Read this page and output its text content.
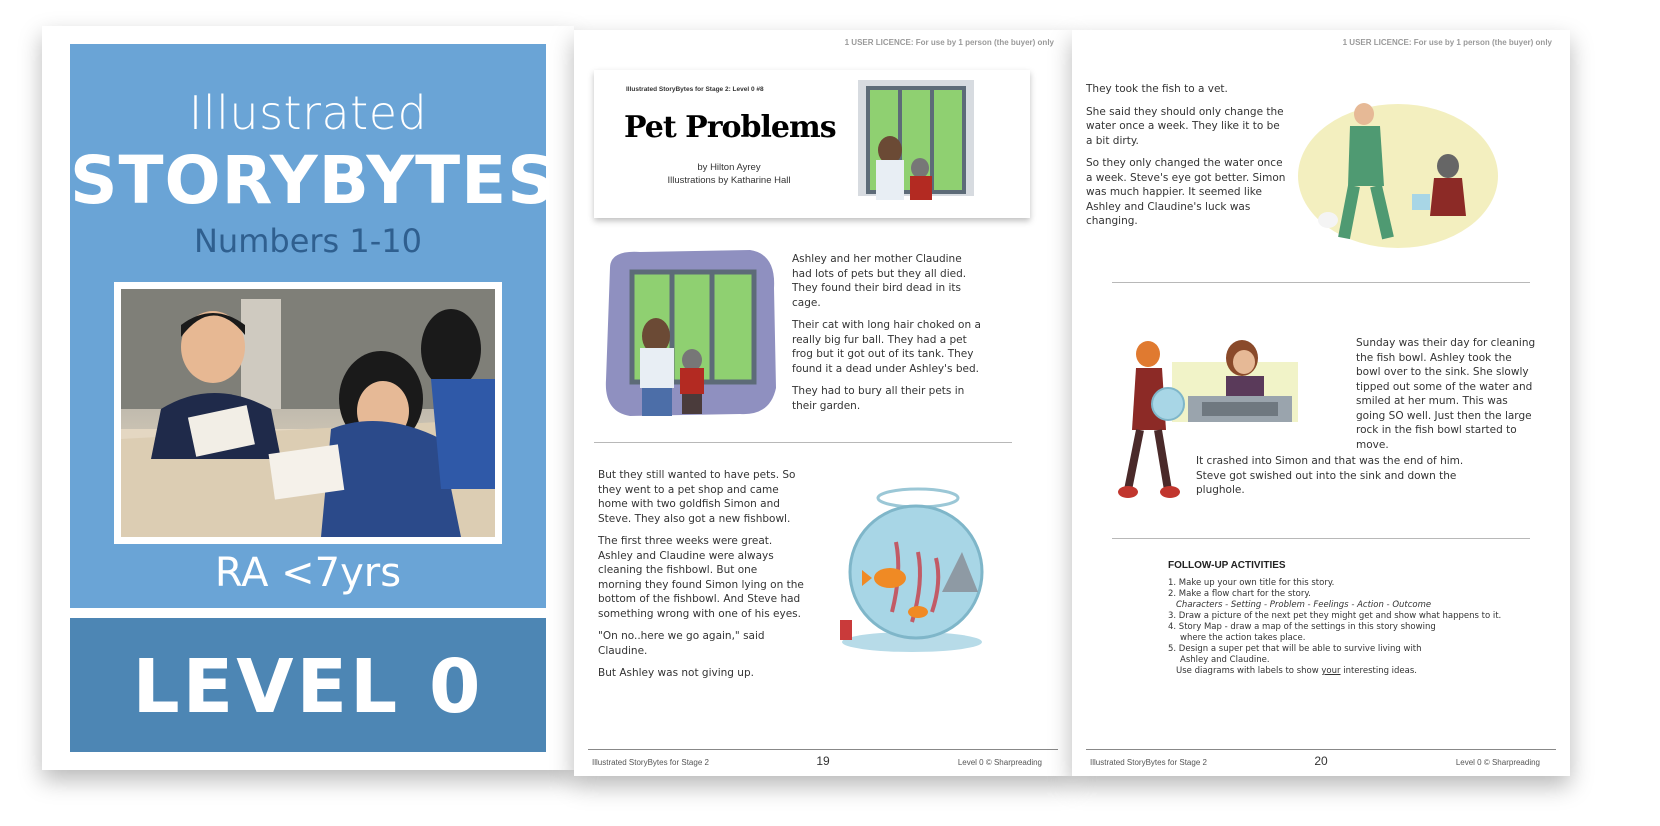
Illustrated
STORYBYTES
Numbers 1-10
RA <7yrs
LEVEL 0
1 USER LICENCE: For use by 1 person (the buyer) only
Illustrated StoryBytes for Stage 2: Level 0 #8
Pet Problems
by Hilton Ayrey
Illustrations by Katharine Hall

Ashley and her mother Claudine had lots of pets but they all died. They found their bird dead in its cage.

Their cat with long hair choked on a really big fur ball. They had a pet frog but it got out of its tank. They found it a dead under Ashley's bed.

They had to bury all their pets in their garden.

But they still wanted to have pets. So they went to a pet shop and came home with two goldfish Simon and Steve. They also got a new fishbowl.

The first three weeks were great. Ashley and Claudine were always cleaning the fishbowl. But one morning they found Simon lying on the bottom of the fishbowl. And Steve had something wrong with one of his eyes.

"On no..here we go again," said Claudine.

But Ashley was not giving up.

Illustrated StoryBytes for Stage 2	19	Level 0 © Sharpreading
1 USER LICENCE: For use by 1 person (the buyer) only

They took the fish to a vet.

She said they should only change the water once a week. They like it to be a bit dirty.

So they only changed the water once a week. Steve's eye got better. Simon was much happier. It seemed like Ashley and Claudine's luck was changing.

Sunday was their day for cleaning the fish bowl. Ashley took the bowl over to the sink. She slowly tipped out some of the water and smiled at her mum. This was going SO well. Just then the large rock in the fish bowl started to move.

It crashed into Simon and that was the end of him. Steve got swished out into the sink and down the plughole.

FOLLOW-UP ACTIVITIES
1. Make up your own title for this story.
2. Make a flow chart for the story.
Characters - Setting - Problem - Feelings - Action - Outcome
3. Draw a picture of the next pet they might get and show what happens to it.
4. Story Map - draw a map of the settings in this story showing
where the action takes place.
5. Design a super pet that will be able to survive living with
Ashley and Claudine.
Use diagrams with labels to show your interesting ideas.
Illustrated StoryBytes for Stage 2	20	Level 0 © Sharpreading
